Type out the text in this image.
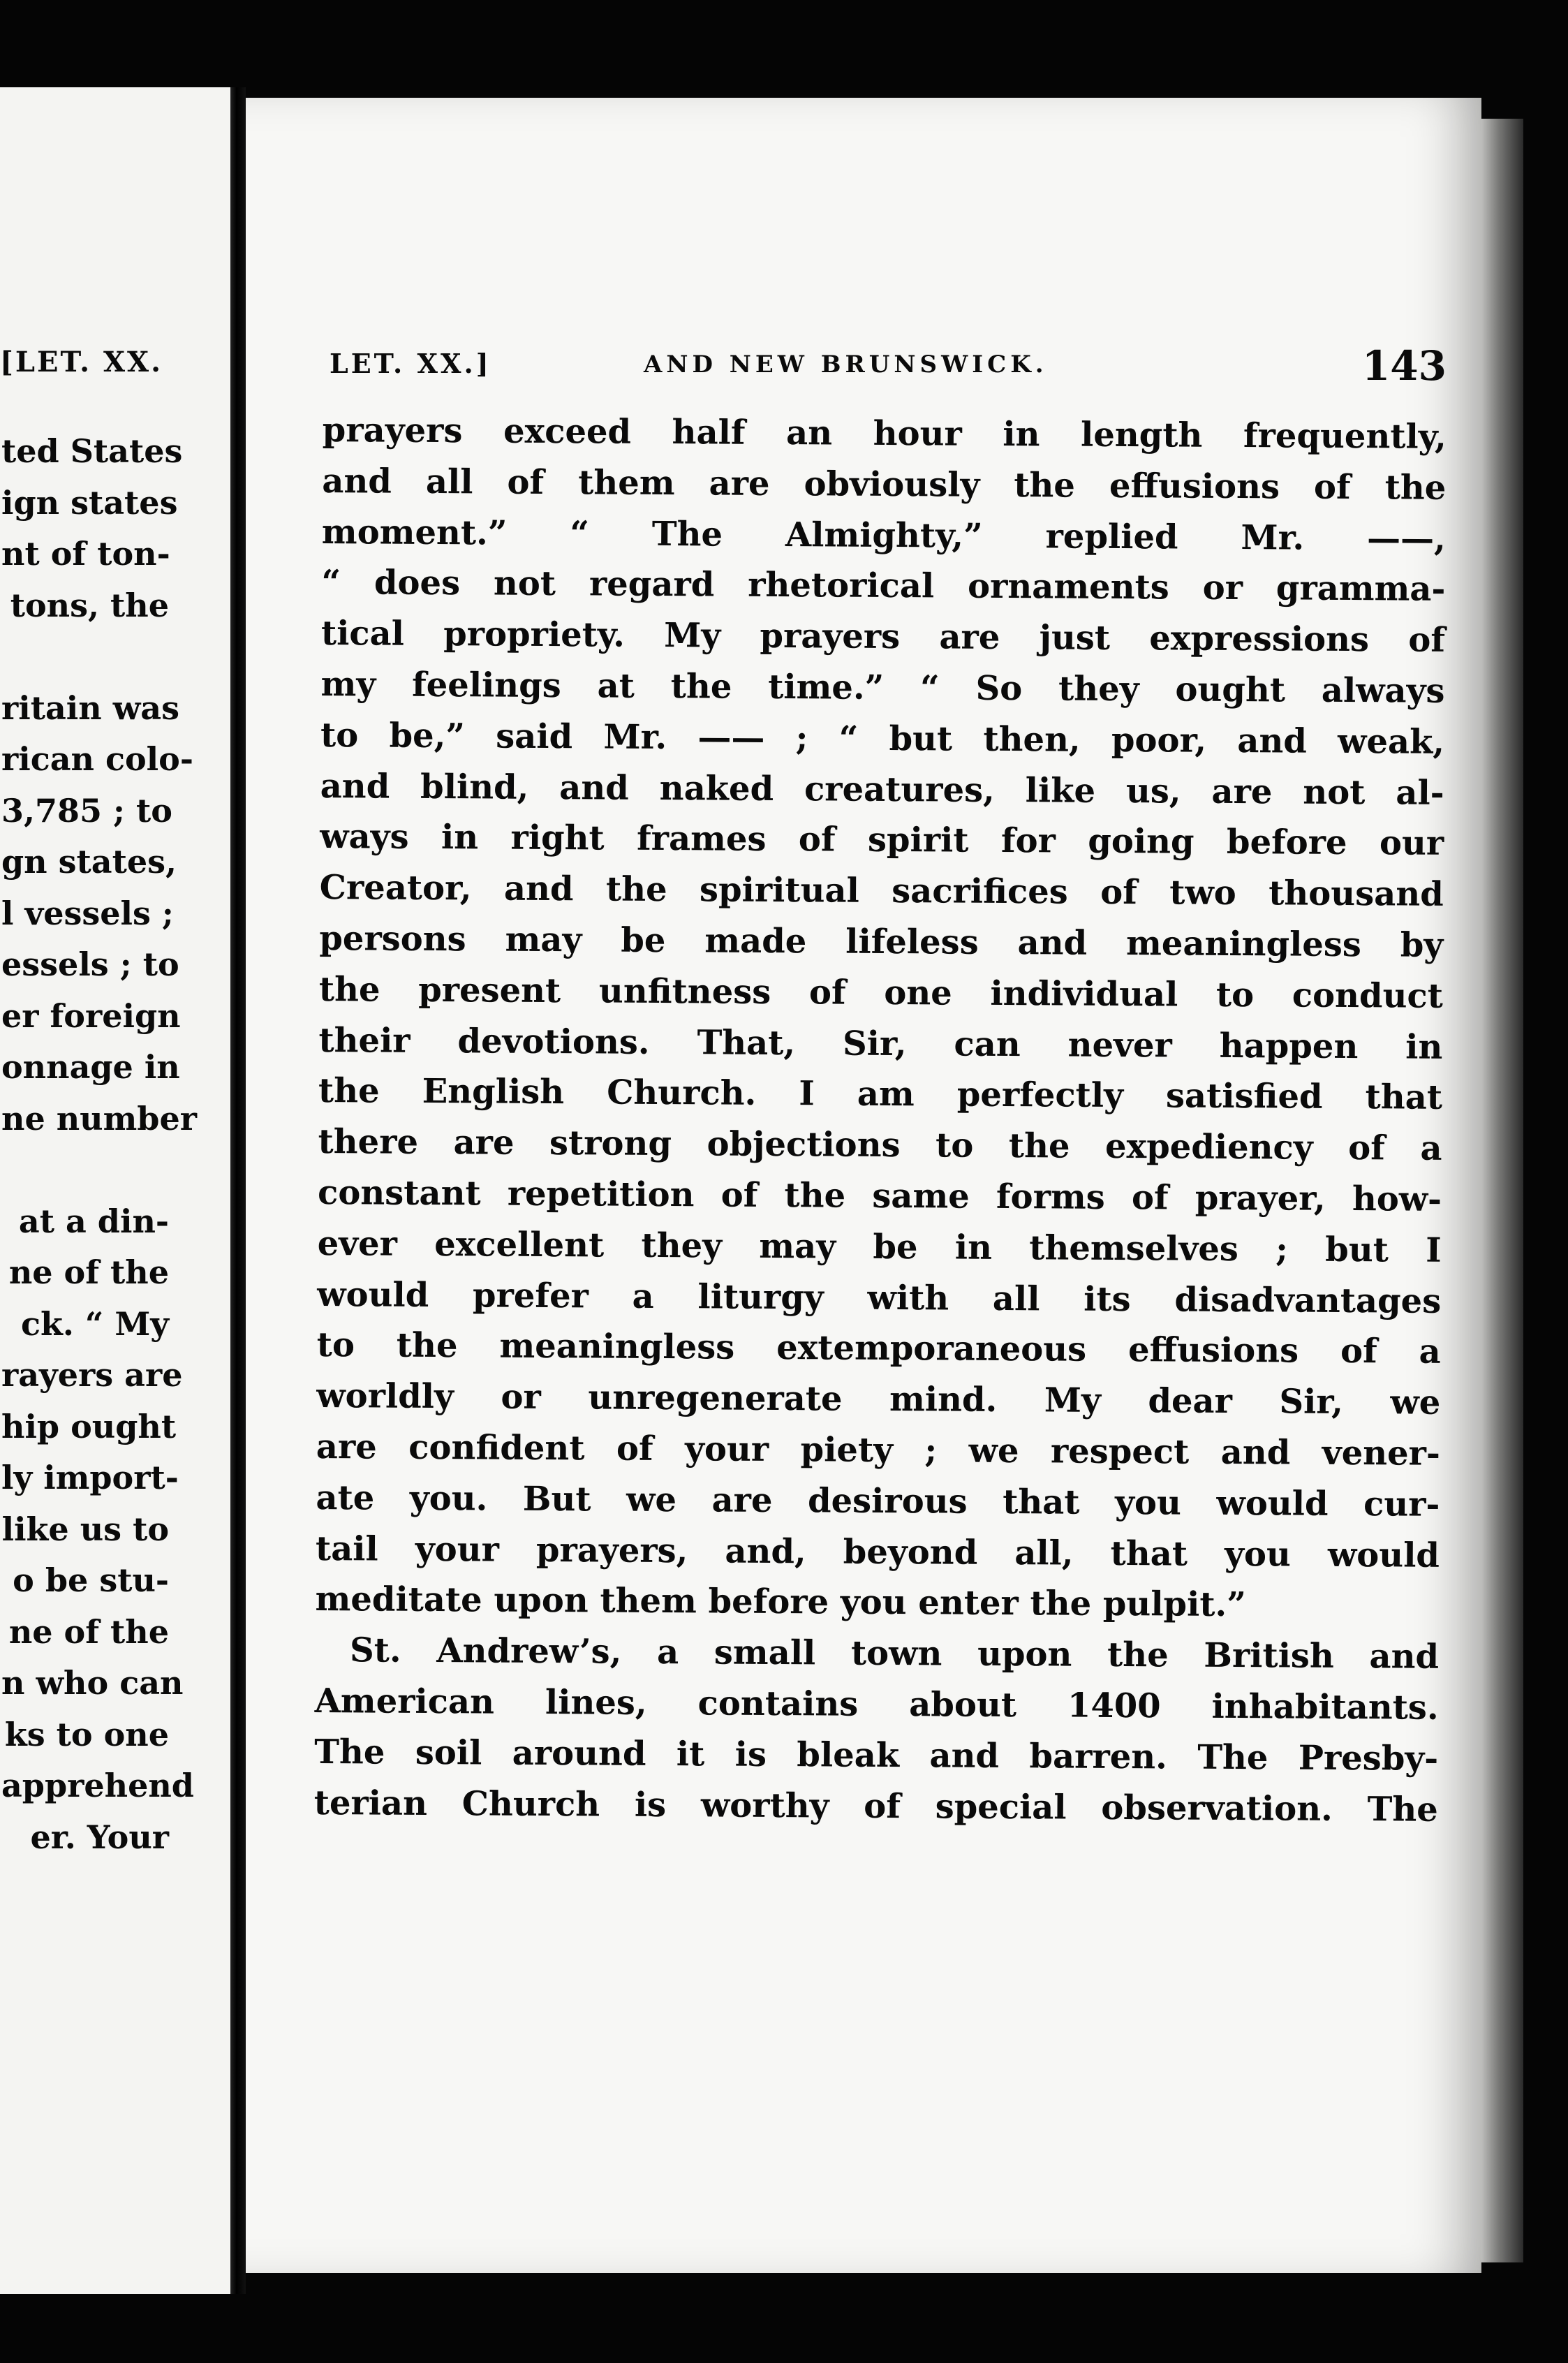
[LET. XX.
ted States
ign states
nt of ton-
tons, the
ritain was
rican colo-
3,785 ; to
gn states,
l vessels ;
essels ; to
er foreign
onnage in
ne number
at a din-
ne of the
ck. “ My
rayers are
hip ought
ly import-
like us to
o be stu-
ne of the
n who can
ks to one
apprehend
er. Your
LET. XX.]	AND NEW BRUNSWICK.	143
prayers exceed half an hour in length frequently,
and all of them are obviously the effusions of the
moment.” “ The Almighty,” replied Mr. ——,
“ does not regard rhetorical ornaments or gramma-
tical propriety. My prayers are just expressions of
my feelings at the time.” “ So they ought always
to be,” said Mr. —— ; “ but then, poor, and weak,
and blind, and naked creatures, like us, are not al-
ways in right frames of spirit for going before our
Creator, and the spiritual sacrifices of two thousand
persons may be made lifeless and meaningless by
the present unfitness of one individual to conduct
their devotions. That, Sir, can never happen in
the English Church. I am perfectly satisfied that
there are strong objections to the expediency of a
constant repetition of the same forms of prayer, how-
ever excellent they may be in themselves ; but I
would prefer a liturgy with all its disadvantages
to the meaningless extemporaneous effusions of a
worldly or unregenerate mind. My dear Sir, we
are confident of your piety ; we respect and vener-
ate you. But we are desirous that you would cur-
tail your prayers, and, beyond all, that you would
meditate upon them before you enter the pulpit.”
St. Andrew’s, a small town upon the British and
American lines, contains about 1400 inhabitants.
The soil around it is bleak and barren. The Presby-
terian Church is worthy of special observation. The
